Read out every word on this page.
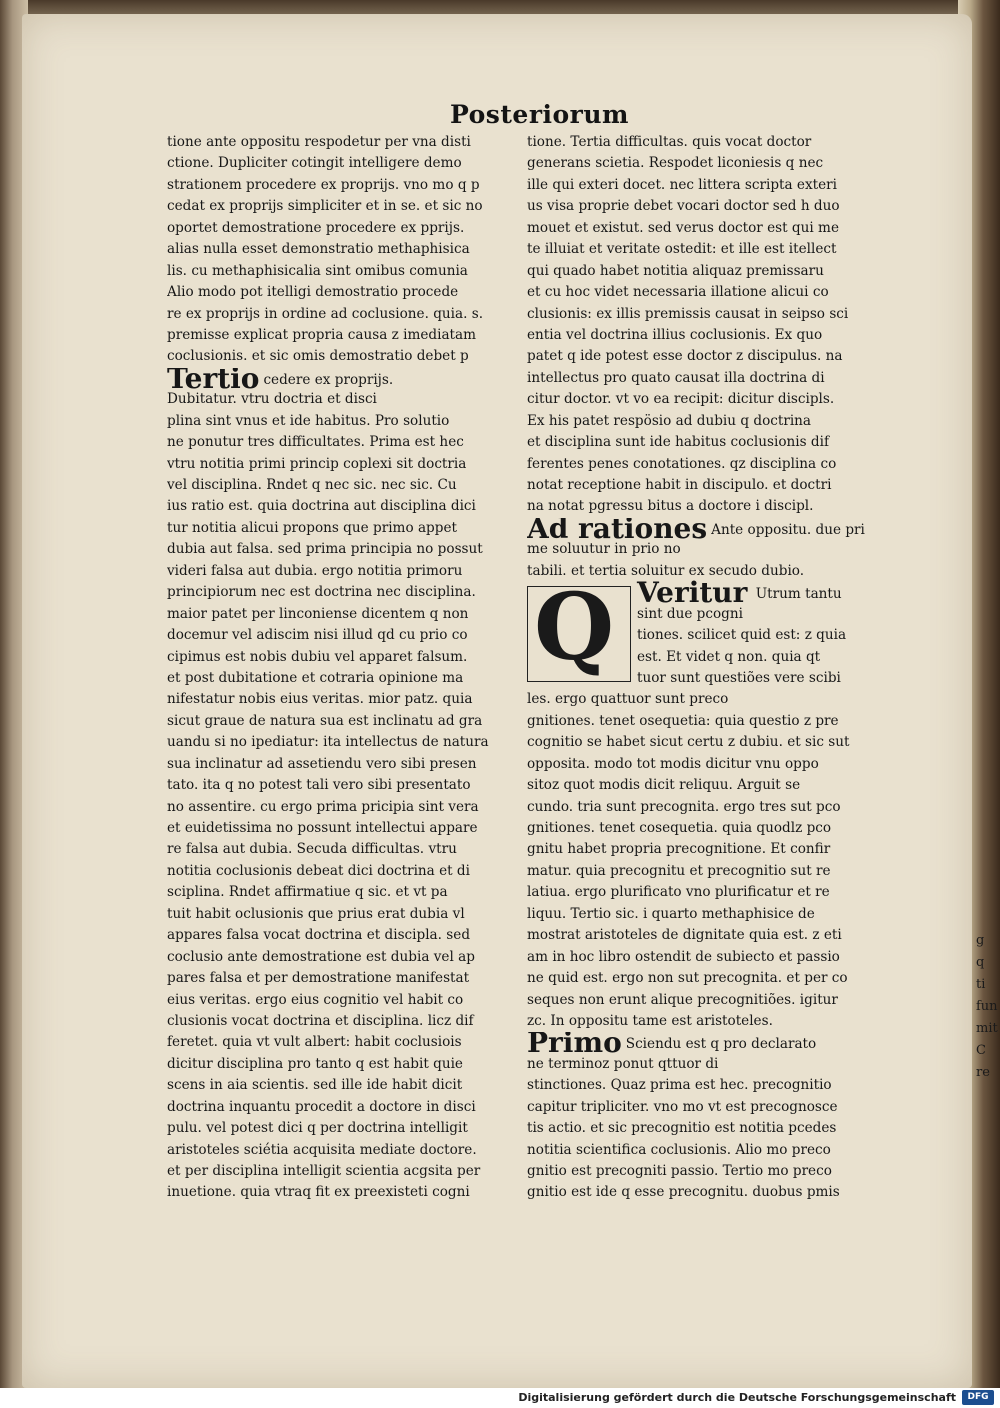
Posteriorum
tione ante oppositu respodetur per vna disti
ctione. Dupliciter cotingit intelligere demo
strationem procedere ex proprijs. vno mo q p
cedat ex proprijs simpliciter et in se. et sic no
oportet demostratione procedere ex pprijs.
alias nulla esset demonstratio methaphisica
lis. cu methaphisicalia sint omibus comunia
Alio modo pot itelligi demostratio procede
re ex proprijs in ordine ad coclusione. quia. s.
premisse explicat propria causa z imediatam
coclusionis. et sic omis demostratio debet p
Tertio cedere ex proprijs.
Dubitatur. vtru doctria et disci
plina sint vnus et ide habitus. Pro solutio
ne ponutur tres difficultates. Prima est hec
vtru notitia primi princip coplexi sit doctria
vel disciplina. Rndet q nec sic. nec sic. Cu
ius ratio est. quia doctrina aut disciplina dici
tur notitia alicui propons que primo appet
dubia aut falsa. sed prima principia no possut
videri falsa aut dubia. ergo notitia primoru
principiorum nec est doctrina nec disciplina.
maior patet per linconiense dicentem q non
docemur vel adiscim nisi illud qd cu prio co
cipimus est nobis dubiu vel apparet falsum.
et post dubitatione et cotraria opinione ma
nifestatur nobis eius veritas. mior patz. quia
sicut graue de natura sua est inclinatu ad gra
uandu si no ipediatur: ita intellectus de natura
sua inclinatur ad assetiendu vero sibi presen
tato. ita q no potest tali vero sibi presentato
no assentire. cu ergo prima pricipia sint vera
et euidetissima no possunt intellectui appare
re falsa aut dubia. Secuda difficultas. vtru
notitia coclusionis debeat dici doctrina et di
sciplina. Rndet affirmatiue q sic. et vt pa
tuit habit oclusionis que prius erat dubia vl
appares falsa vocat doctrina et discipla. sed
coclusio ante demostratione est dubia vel ap
pares falsa et per demostratione manifestat
eius veritas. ergo eius cognitio vel habit co
clusionis vocat doctrina et disciplina. licz dif
feretet. quia vt vult albert: habit coclusiois
dicitur disciplina pro tanto q est habit quie
scens in aia scientis. sed ille ide habit dicit
doctrina inquantu procedit a doctore in disci
pulu. vel potest dici q per doctrina intelligit
aristoteles sciétia acquisita mediate doctore.
et per disciplina intelligit scientia acgsita per
inuetione. quia vtraq fit ex preexisteti cogni
tione. Tertia difficultas. quis vocat doctor
generans scietia. Respodet liconiesis q nec
ille qui exteri docet. nec littera scripta exteri
us visa proprie debet vocari doctor sed h duo
mouet et existut. sed verus doctor est qui me
te illuiat et veritate ostedit: et ille est itellect
qui quado habet notitia aliquaz premissaru
et cu hoc videt necessaria illatione alicui co
clusionis: ex illis premissis causat in seipso sci
entia vel doctrina illius coclusionis. Ex quo
patet q ide potest esse doctor z discipulus. na
intellectus pro quato causat illa doctrina di
citur doctor. vt vo ea recipit: dicitur discipls.
Ex his patet respösio ad dubiu q doctrina
et disciplina sunt ide habitus coclusionis dif
ferentes penes conotationes. qz disciplina co
notat receptione habit in discipulo. et doctri
na notat pgressu bitus a doctore i discipl.
Ad rationes Ante oppositu. due pri
me soluutur in prio no
tabili. et tertia soluitur ex secudo dubio.
Q Veritur Utrum tantu
sint due pcogni
tiones. scilicet quid est: z quia
est. Et videt q non. quia qt
tuor sunt questiões vere scibi
les. ergo quattuor sunt preco
gnitiones. tenet osequetia: quia questio z pre
cognitio se habet sicut certu z dubiu. et sic sut
opposita. modo tot modis dicitur vnu oppo
sitoz quot modis dicit reliquu. Arguit se
cundo. tria sunt precognita. ergo tres sut pco
gnitiones. tenet cosequetia. quia quodlz pco
gnitu habet propria precognitione. Et confir
matur. quia precognitu et precognitio sut re
latiua. ergo plurificato vno plurificatur et re
liquu. Tertio sic. i quarto methaphisice de
mostrat aristoteles de dignitate quia est. z eti
am in hoc libro ostendit de subiecto et passio
ne quid est. ergo non sut precognita. et per co
seques non erunt alique precognitiões. igitur
zc. In oppositu tame est aristoteles.
Primo Sciendu est q pro declarato
ne terminoz ponut qttuor di
stinctiones. Quaz prima est hec. precognitio
capitur tripliciter. vno mo vt est precognosce
tis actio. et sic precognitio est notitia pcedes
notitia scientifica coclusionis. Alio mo preco
gnitio est precogniti passio. Tertio mo preco
gnitio est ide q esse precognitu. duobus pmis
g
q
ti
fun
mit
C
re
Digitalisierung gefördert durch die Deutsche Forschungsgemeinschaft	DFG
